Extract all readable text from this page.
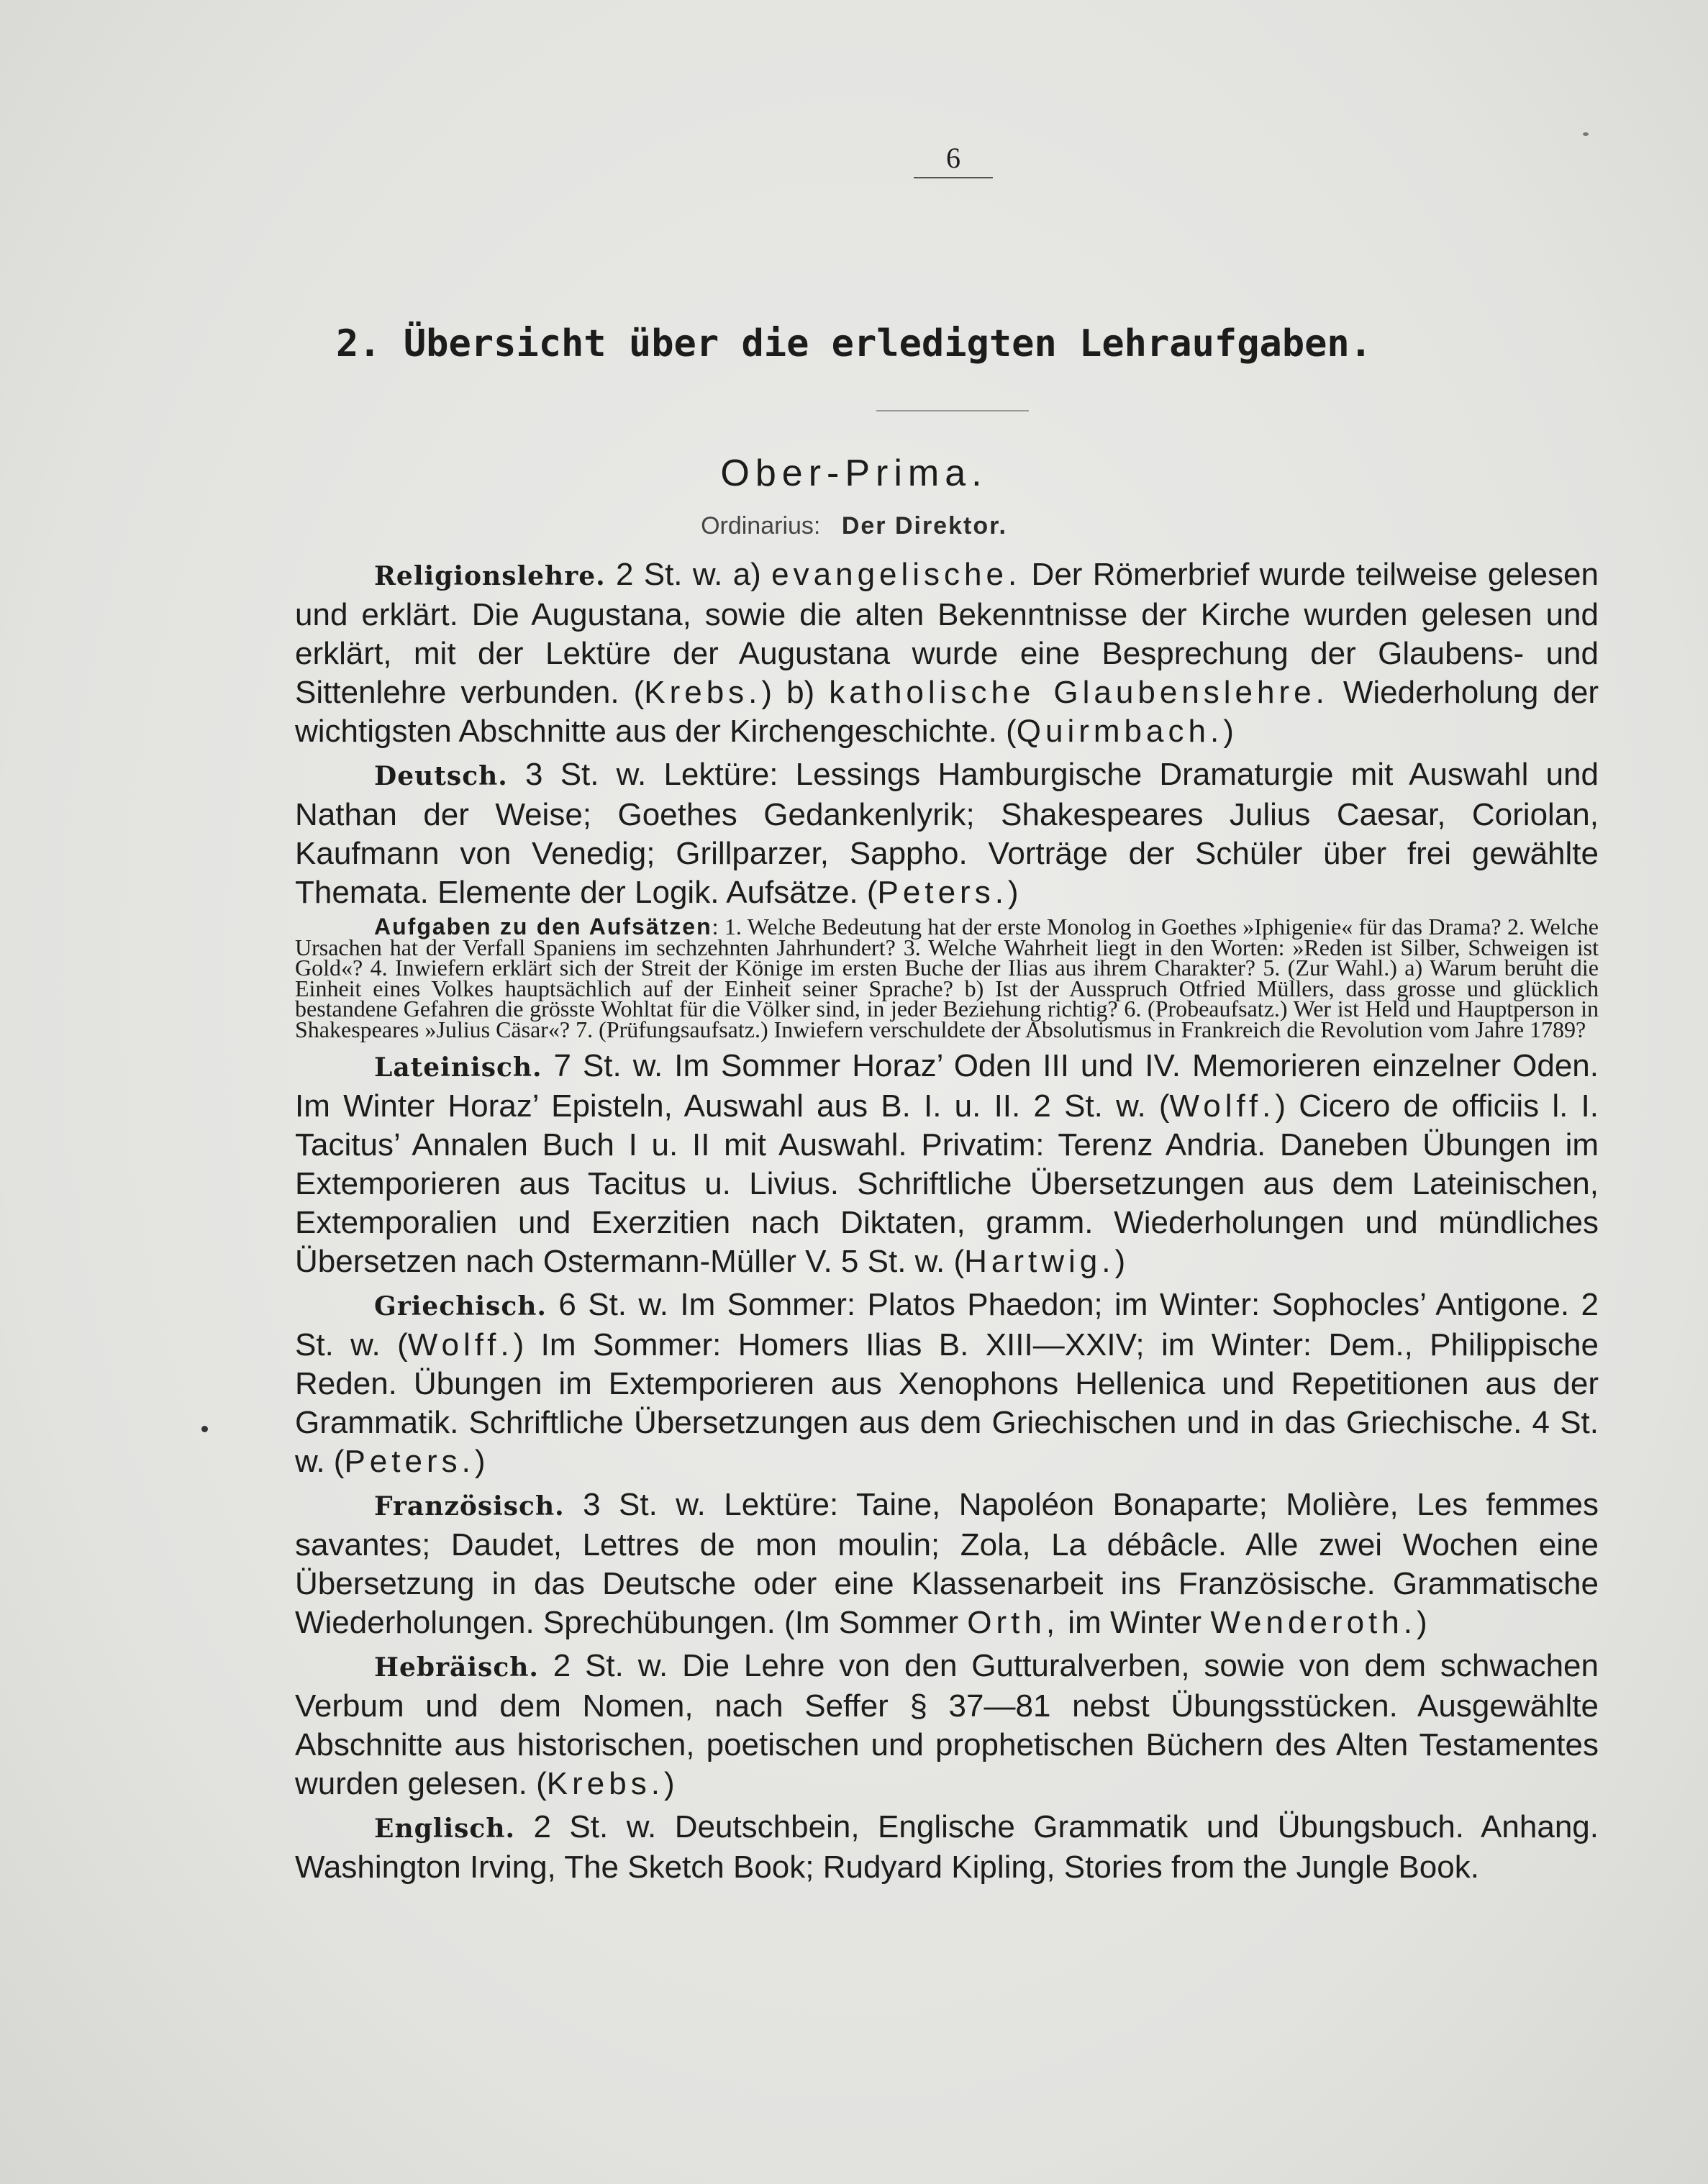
6
2. Übersicht über die erledigten Lehraufgaben.
Ober-Prima.
Ordinarius: Der Direktor.

Religionslehre. 2 St. w. a) evangelische. Der Römerbrief wurde teilweise gelesen und erklärt. Die Augustana, sowie die alten Bekenntnisse der Kirche wurden gelesen und erklärt, mit der Lektüre der Augustana wurde eine Besprechung der Glaubens- und Sittenlehre verbunden. (Krebs.) b) katholische Glaubenslehre. Wiederholung der wichtigsten Abschnitte aus der Kirchengeschichte. (Quirmbach.)

Deutsch. 3 St. w. Lektüre: Lessings Hamburgische Dramaturgie mit Auswahl und Nathan der Weise; Goethes Gedankenlyrik; Shakespeares Julius Caesar, Coriolan, Kaufmann von Venedig; Grillparzer, Sappho. Vorträge der Schüler über frei gewählte Themata. Elemente der Logik. Aufsätze. (Peters.)

Aufgaben zu den Aufsätzen: 1. Welche Bedeutung hat der erste Monolog in Goethes »Iphigenie« für das Drama? 2. Welche Ursachen hat der Verfall Spaniens im sechzehnten Jahrhundert? 3. Welche Wahrheit liegt in den Worten: »Reden ist Silber, Schweigen ist Gold«? 4. Inwiefern erklärt sich der Streit der Könige im ersten Buche der Ilias aus ihrem Charakter? 5. (Zur Wahl.) a) Warum beruht die Einheit eines Volkes hauptsächlich auf der Einheit seiner Sprache? b) Ist der Ausspruch Otfried Müllers, dass grosse und glücklich bestandene Gefahren die grösste Wohltat für die Völker sind, in jeder Beziehung richtig? 6. (Probeaufsatz.) Wer ist Held und Hauptperson in Shakespeares »Julius Cäsar«? 7. (Prüfungsaufsatz.) Inwiefern verschuldete der Absolutismus in Frankreich die Revolution vom Jahre 1789?

Lateinisch. 7 St. w. Im Sommer Horaz’ Oden III und IV. Memorieren einzelner Oden. Im Winter Horaz’ Episteln, Auswahl aus B. I. u. II. 2 St. w. (Wolff.) Cicero de officiis l. I. Tacitus’ Annalen Buch I u. II mit Auswahl. Privatim: Terenz Andria. Daneben Übungen im Extemporieren aus Tacitus u. Livius. Schriftliche Übersetzungen aus dem Lateinischen, Extemporalien und Exerzitien nach Diktaten, gramm. Wiederholungen und mündliches Übersetzen nach Ostermann-Müller V. 5 St. w. (Hartwig.)

Griechisch. 6 St. w. Im Sommer: Platos Phaedon; im Winter: Sophocles’ Antigone. 2 St. w. (Wolff.) Im Sommer: Homers Ilias B. XIII—XXIV; im Winter: Dem., Philippische Reden. Übungen im Extemporieren aus Xenophons Hellenica und Repetitionen aus der Grammatik. Schriftliche Übersetzungen aus dem Griechischen und in das Griechische. 4 St. w. (Peters.)

Französisch. 3 St. w. Lektüre: Taine, Napoléon Bonaparte; Molière, Les femmes savantes; Daudet, Lettres de mon moulin; Zola, La débâcle. Alle zwei Wochen eine Übersetzung in das Deutsche oder eine Klassenarbeit ins Französische. Grammatische Wiederholungen. Sprechübungen. (Im Sommer Orth, im Winter Wenderoth.)

Hebräisch. 2 St. w. Die Lehre von den Gutturalverben, sowie von dem schwachen Verbum und dem Nomen, nach Seffer § 37—81 nebst Übungsstücken. Ausgewählte Abschnitte aus historischen, poetischen und prophetischen Büchern des Alten Testamentes wurden gelesen. (Krebs.)

Englisch. 2 St. w. Deutschbein, Englische Grammatik und Übungsbuch. Anhang. Washington Irving, The Sketch Book; Rudyard Kipling, Stories from the Jungle Book.
